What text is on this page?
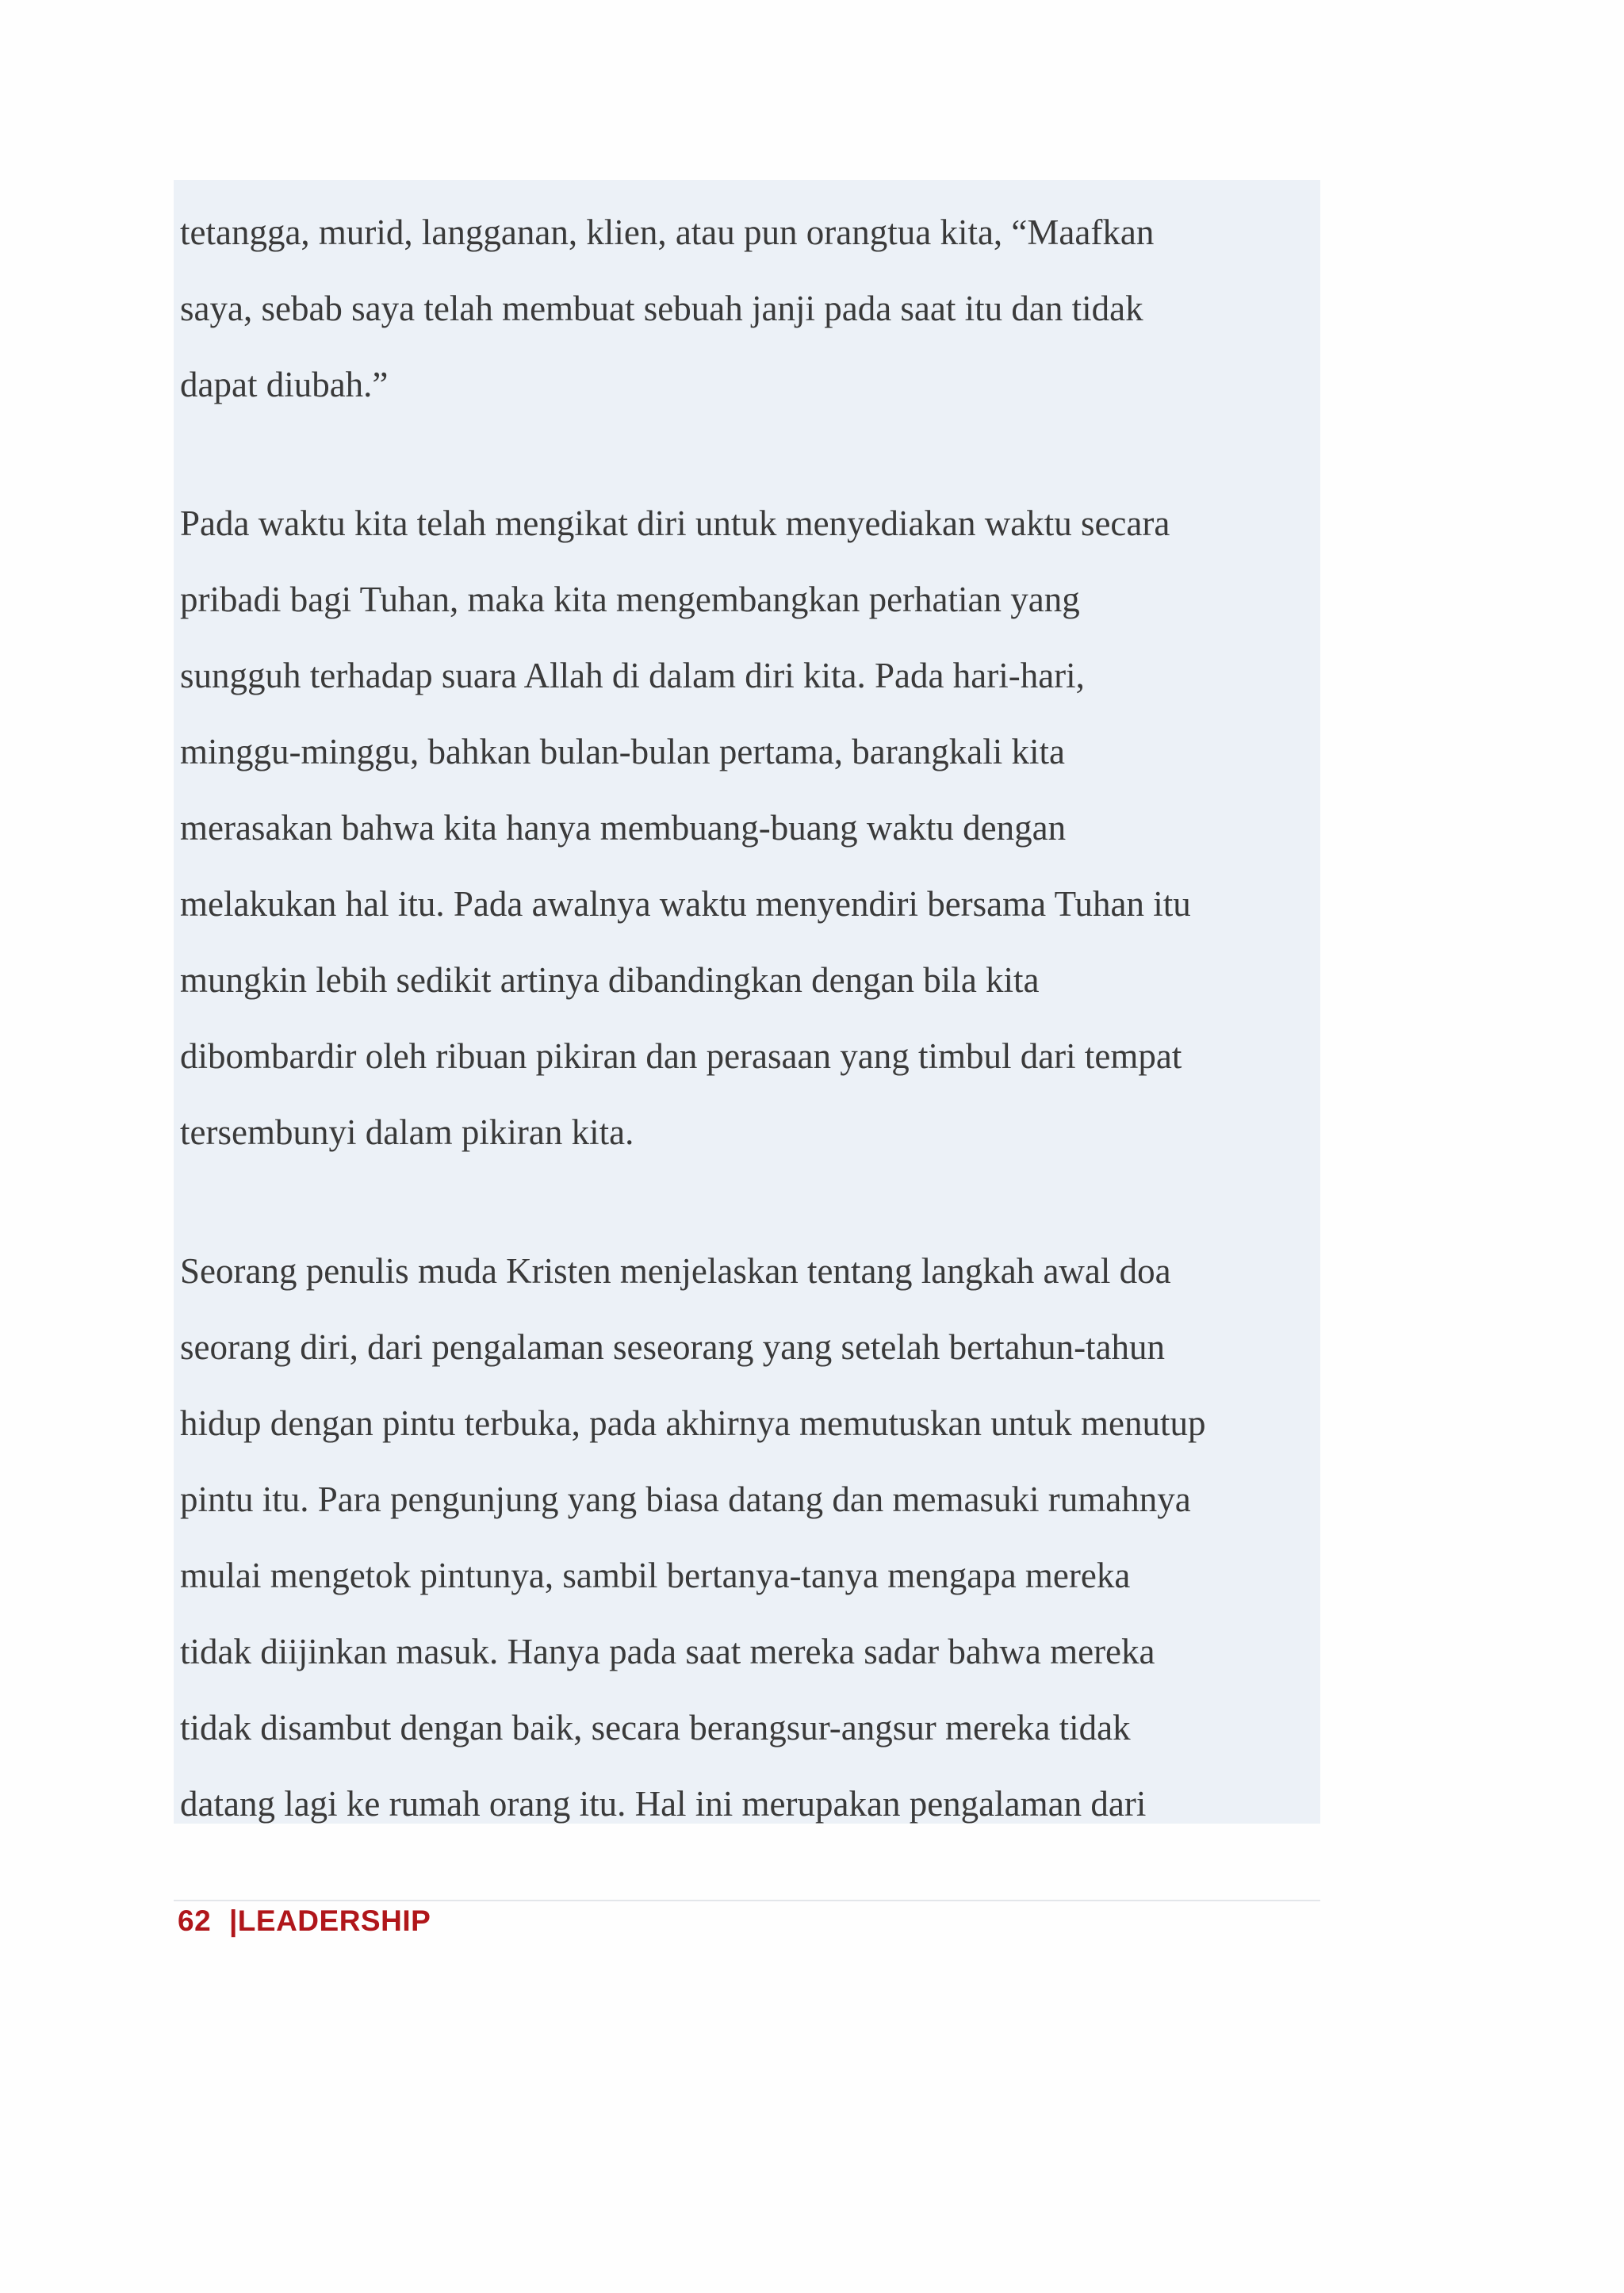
tetangga, murid, langganan, klien, atau pun orangtua kita, “Maafkan
saya, sebab saya telah membuat sebuah janji pada saat itu dan tidak
dapat diubah.”

Pada waktu kita telah mengikat diri untuk menyediakan waktu secara
pribadi bagi Tuhan, maka kita mengembangkan perhatian yang
sungguh terhadap suara Allah di dalam diri kita. Pada hari-hari,
minggu-minggu, bahkan bulan-bulan pertama, barangkali kita
merasakan bahwa kita hanya membuang-buang waktu dengan
melakukan hal itu. Pada awalnya waktu menyendiri bersama Tuhan itu
mungkin lebih sedikit artinya dibandingkan dengan bila kita
dibombardir oleh ribuan pikiran dan perasaan yang timbul dari tempat
tersembunyi dalam pikiran kita.

Seorang penulis muda Kristen menjelaskan tentang langkah awal doa
seorang diri, dari pengalaman seseorang yang setelah bertahun-tahun
hidup dengan pintu terbuka, pada akhirnya memutuskan untuk menutup
pintu itu. Para pengunjung yang biasa datang dan memasuki rumahnya
mulai mengetok pintunya, sambil bertanya-tanya mengapa mereka
tidak diijinkan masuk. Hanya pada saat mereka sadar bahwa mereka
tidak disambut dengan baik, secara berangsur-angsur mereka tidak
datang lagi ke rumah orang itu. Hal ini merupakan pengalaman dari

62 |LEADERSHIP
